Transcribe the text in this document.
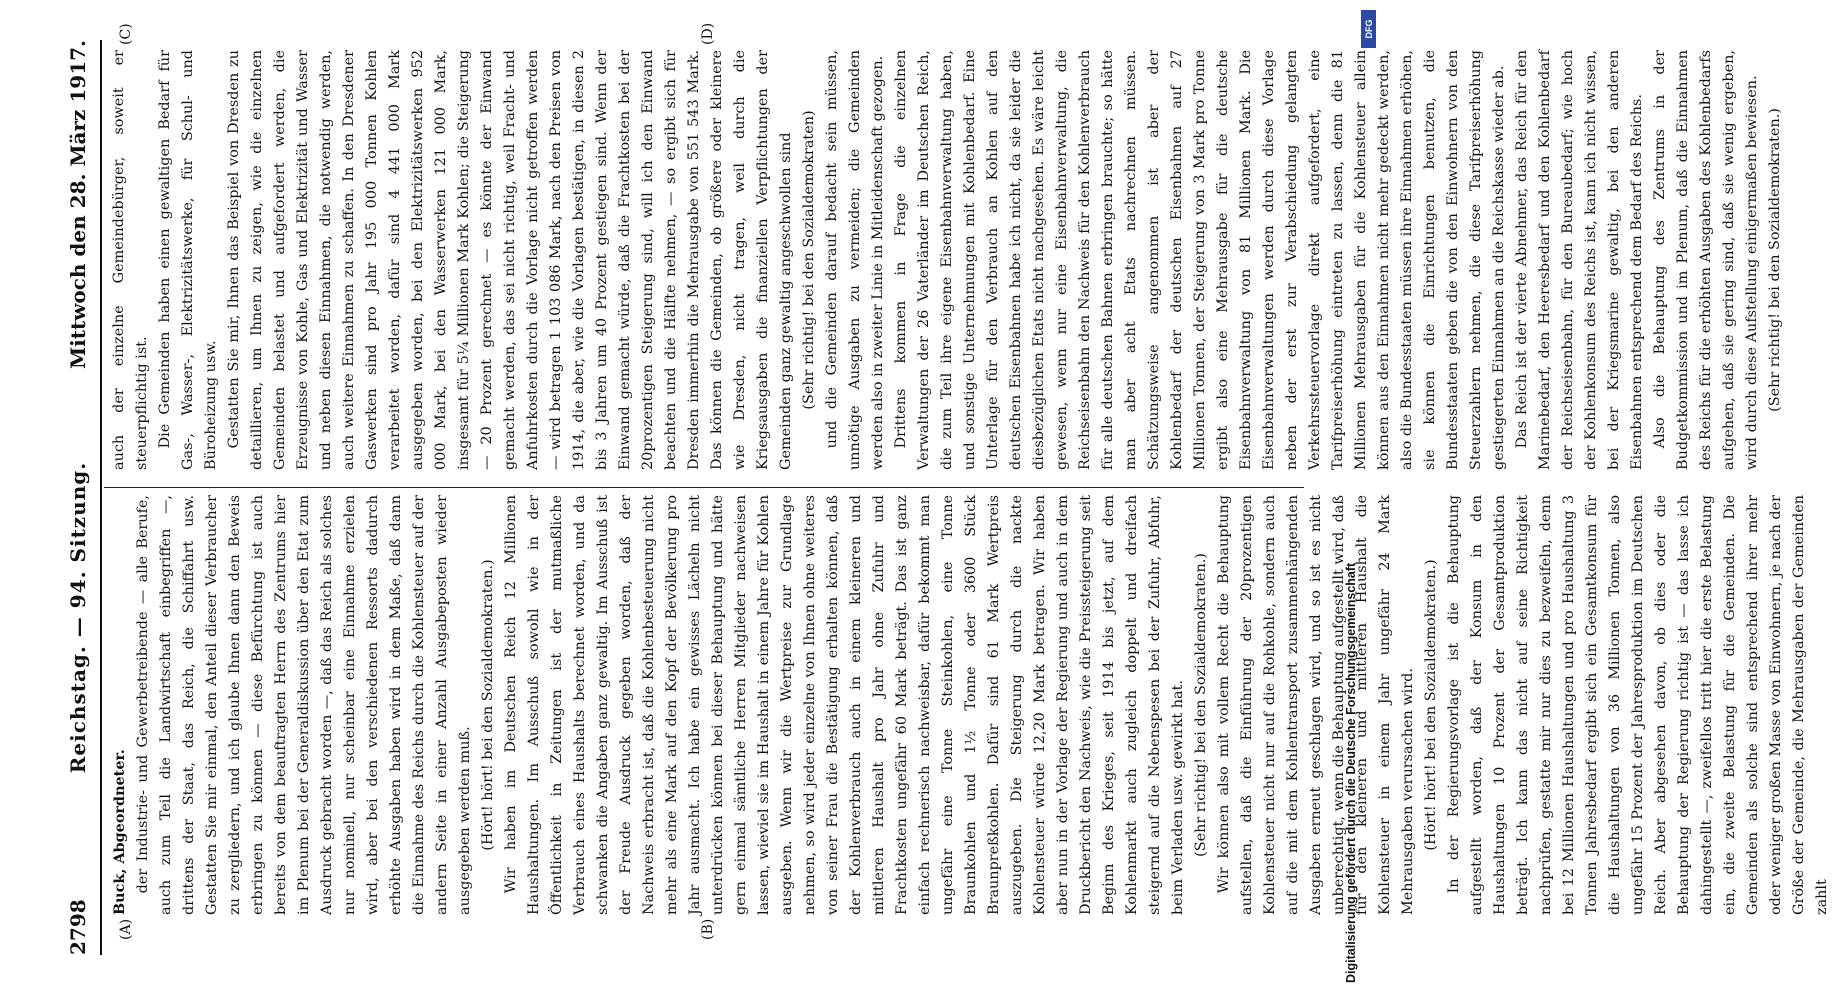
2798
Reichstag. — 94. Sitzung.
Mittwoch den 28. März 1917.
(A)	(B)
(C)	(D)

Buck, Abgeordneter. der Industrie- und Gewerbetreibende — alle Berufe, auch zum Teil die Landwirtschaft einbegriffen —, drittens der Staat, das Reich, die Schiffahrt usw. Gestatten Sie mir einmal, den Anteil dieser Verbraucher zu zergliedern, und ich glaube Ihnen dann den Beweis erbringen zu können — diese Befürchtung ist auch bereits von dem beauftragten Herrn des Zentrums hier im Plenum bei der Generaldiskussion über den Etat zum Ausdruck gebracht worden —, daß das Reich als solches nur nominell, nur scheinbar eine Einnahme erzielen wird, aber bei den verschiedenen Ressorts dadurch erhöhte Ausgaben haben wird in dem Maße, daß dann die Einnahme des Reichs durch die Kohlensteuer auf der andern Seite in einer Anzahl Ausgabeposten wieder ausgegeben werden muß. (Hört! hört! bei den Sozialdemokraten.) Wir haben im Deutschen Reich 12 Millionen Haushaltungen. Im Ausschuß sowohl wie in der Öffentlichkeit in Zeitungen ist der mutmaßliche Verbrauch eines Haushalts berechnet worden, und da schwanken die Angaben ganz gewaltig. Im Ausschuß ist der Freude Ausdruck gegeben worden, daß der Nachweis erbracht ist, daß die Kohlenbesteuerung nicht mehr als eine Mark auf den Kopf der Bevölkerung pro Jahr ausmacht. Ich habe ein gewisses Lächeln nicht unterdrücken können bei dieser Behauptung und hätte gern einmal sämtliche Herren Mitglieder nachweisen lassen, wieviel sie im Haushalt in einem Jahre für Kohlen ausgeben. Wenn wir die Wertpreise zur Grundlage nehmen, so wird jeder einzelne von Ihnen ohne weiteres von seiner Frau die Bestätigung erhalten können, daß der Kohlenverbrauch auch in einem kleineren und mittleren Haushalt pro Jahr ohne Zufuhr und Frachtkosten ungefähr 60 Mark beträgt. Das ist ganz einfach rechnerisch nachweisbar, dafür bekommt man ungefähr eine Tonne Steinkohlen, eine Tonne Braunkohlen und 1½ Tonne oder 3600 Stück Braunpreßkohlen. Dafür sind 61 Mark Wertpreis auszugeben. Die Steigerung durch die nackte Kohlensteuer würde 12,20 Mark betragen. Wir haben aber nun in der Vorlage der Regierung und auch in dem Druckbericht den Nachweis, wie die Preissteigerung seit Beginn des Krieges, seit 1914 bis jetzt, auf dem Kohlenmarkt auch zugleich doppelt und dreifach steigernd auf die Nebenspesen bei der Zufuhr, Abfuhr, beim Verladen usw. gewirkt hat. (Sehr richtig! bei den Sozialdemokraten.) Wir können also mit vollem Recht die Behauptung aufstellen, daß die Einführung der 20prozentigen Kohlensteuer nicht nur auf die Rohkohle, sondern auch auf die mit dem Kohlentransport zusammenhängenden Ausgaben erneut geschlagen wird, und so ist es nicht unberechtigt, wenn die Behauptung aufgestellt wird, daß für den kleineren und mittleren Haushalt die Kohlensteuer in einem Jahr ungefähr 24 Mark Mehrausgaben verursachen wird. (Hört! hört! bei den Sozialdemokraten.) In der Regierungsvorlage ist die Behauptung aufgestellt worden, daß der Konsum in den Haushaltungen 10 Prozent der Gesamtproduktion beträgt. Ich kann das nicht auf seine Richtigkeit nachprüfen, gestatte mir nur dies zu bezweifeln, denn bei 12 Millionen Haushaltungen und pro Haushaltung 3 Tonnen Jahresbedarf ergibt sich ein Gesamtkonsum für die Haushaltungen von 36 Millionen Tonnen, also ungefähr 15 Prozent der Jahresproduktion im Deutschen Reich. Aber abgesehen davon, ob dies oder die Behauptung der Regierung richtig ist — das lasse ich dahingestellt —, zweifellos tritt hier die erste Belastung ein, die zweite Belastung für die Gemeinden. Die Gemeinden als solche sind entsprechend ihrer mehr oder weniger großen Masse von Einwohnern, je nach der Größe der Gemeinde, die Mehrausgaben der Gemeinden zahlt

auch der einzelne Gemeindebürger, soweit er steuerpflichtig ist. Die Gemeinden haben einen gewaltigen Bedarf für Gas-, Wasser-, Elektrizitätswerke, für Schul- und Büroheizung usw. Gestatten Sie mir, Ihnen das Beispiel von Dresden zu detaillieren, um Ihnen zu zeigen, wie die einzelnen Gemeinden belastet und aufgefordert werden, die Erzeugnisse von Kohle, Gas und Elektrizität und Wasser und neben diesen Einnahmen, die notwendig werden, auch weitere Einnahmen zu schaffen. In den Dresdener Gaswerken sind pro Jahr 195 000 Tonnen Kohlen verarbeitet worden, dafür sind 4 441 000 Mark ausgegeben worden, bei den Elektrizitätswerken 952 000 Mark, bei den Wasserwerken 121 000 Mark, insgesamt für 5¼ Millionen Mark Kohlen; die Steigerung — 20 Prozent gerechnet — es könnte der Einwand gemacht werden, das sei nicht richtig, weil Fracht- und Anfuhrkosten durch die Vorlage nicht getroffen werden — wird betragen 1 103 086 Mark, nach den Preisen von 1914, die aber, wie die Vorlagen bestätigen, in diesen 2 bis 3 Jahren um 40 Prozent gestiegen sind. Wenn der Einwand gemacht würde, daß die Frachtkosten bei der 20prozentigen Steigerung sind, will ich den Einwand beachten und die Hälfte nehmen, — so ergibt sich für Dresden immerhin die Mehrausgabe von 551 543 Mark. Das können die Gemeinden, ob größere oder kleinere wie Dresden, nicht tragen, weil durch die Kriegsausgaben die finanziellen Verpflichtungen der Gemeinden ganz gewaltig angeschwollen sind (Sehr richtig! bei den Sozialdemokraten) und die Gemeinden darauf bedacht sein müssen, unnötige Ausgaben zu vermeiden; die Gemeinden werden also in zweiter Linie in Mitleidenschaft gezogen. Drittens kommen in Frage die einzelnen Verwaltungen der 26 Vaterländer im Deutschen Reich, die zum Teil ihre eigene Eisenbahnverwaltung haben, und sonstige Unternehmungen mit Kohlenbedarf. Eine Unterlage für den Verbrauch an Kohlen auf den deutschen Eisenbahnen habe ich nicht, da sie leider die diesbezüglichen Etats nicht nachgesehen. Es wäre leicht gewesen, wenn nur eine Eisenbahnverwaltung, die Reichseisenbahn den Nachweis für den Kohlenverbrauch für alle deutschen Bahnen erbringen brauchte; so hätte man aber acht Etats nachrechnen müssen. Schätzungsweise angenommen ist aber der Kohlenbedarf der deutschen Eisenbahnen auf 27 Millionen Tonnen, der Steigerung von 3 Mark pro Tonne ergibt also eine Mehrausgabe für die deutsche Eisenbahnverwaltung von 81 Millionen Mark. Die Eisenbahnverwaltungen werden durch diese Vorlage neben der erst zur Verabschiedung gelangten Verkehrssteuervorlage direkt aufgefordert, eine Tarifpreiserhöhung eintreten zu lassen, denn die 81 Millionen Mehrausgaben für die Kohlensteuer allein können aus den Einnahmen nicht mehr gedeckt werden, also die Bundesstaaten müssen ihre Einnahmen erhöhen, sie können die Einrichtungen benutzen, die Bundesstaaten geben die von den Einwohnern von den Steuerzahlern nehmen, die diese Tarifpreiserhöhung gestiegerten Einnahmen an die Reichskasse wieder ab. Das Reich ist der vierte Abnehmer, das Reich für den Marinebedarf, den Heeresbedarf und den Kohlenbedarf der Reichseisenbahn, für den Bureaubedarf; wie hoch der Kohlenkonsum des Reichs ist, kann ich nicht wissen, bei der Kriegsmarine gewaltig, bei den anderen Eisenbahnen entsprechend dem Bedarf des Reichs. Also die Behauptung des Zentrums in der Budgetkommission und im Plenum, daß die Einnahmen des Reichs für die erhöhten Ausgaben des Kohlenbedarfs aufgehen, daß sie gering sind, daß sie wenig ergeben, wird durch diese Aufstellung einigermaßen bewiesen. (Sehr richtig! bei den Sozialdemokraten.)

Digitalisierung gefördert durch die Deutsche Forschungsgemeinschaft
DFG
